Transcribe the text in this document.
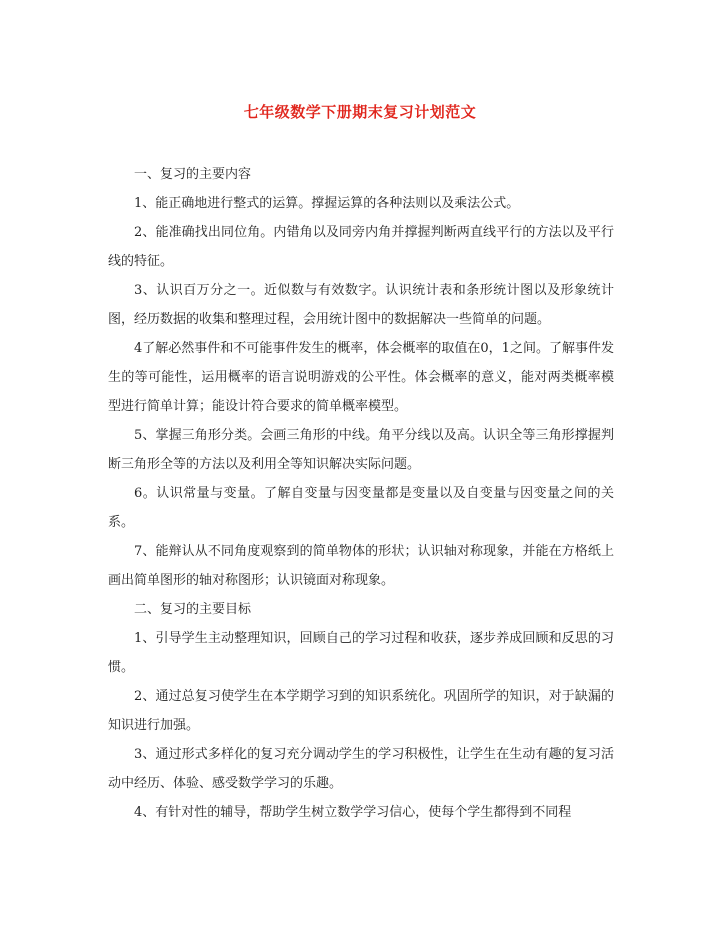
七年级数学下册期末复习计划范文

一、复习的主要内容

1、能正确地进行整式的运算。撑握运算的各种法则以及乘法公式。

2、能准确找出同位角。内错角以及同旁内角并撑握判断两直线平行的方法以及平行线的特征。

3、认识百万分之一。近似数与有效数字。认识统计表和条形统计图以及形象统计图，经历数据的收集和整理过程，会用统计图中的数据解决一些简单的问题。

4了解必然事件和不可能事件发生的概率，体会概率的取值在0，1之间。了解事件发生的等可能性，运用概率的语言说明游戏的公平性。体会概率的意义，能对两类概率模型进行简单计算；能设计符合要求的简单概率模型。

5、掌握三角形分类。会画三角形的中线。角平分线以及高。认识全等三角形撑握判断三角形全等的方法以及利用全等知识解决实际问题。

6。认识常量与变量。了解自变量与因变量都是变量以及自变量与因变量之间的关系。

7、能辩认从不同角度观察到的简单物体的形状；认识轴对称现象，并能在方格纸上画出简单图形的轴对称图形；认识镜面对称现象。

二、复习的主要目标

1、引导学生主动整理知识，回顾自己的学习过程和收获，逐步养成回顾和反思的习惯。

2、通过总复习使学生在本学期学习到的知识系统化。巩固所学的知识，对于缺漏的知识进行加强。

3、通过形式多样化的复习充分调动学生的学习积极性，让学生在生动有趣的复习活动中经历、体验、感受数学学习的乐趣。

4、有针对性的辅导，帮助学生树立数学学习信心，使每个学生都得到不同程
